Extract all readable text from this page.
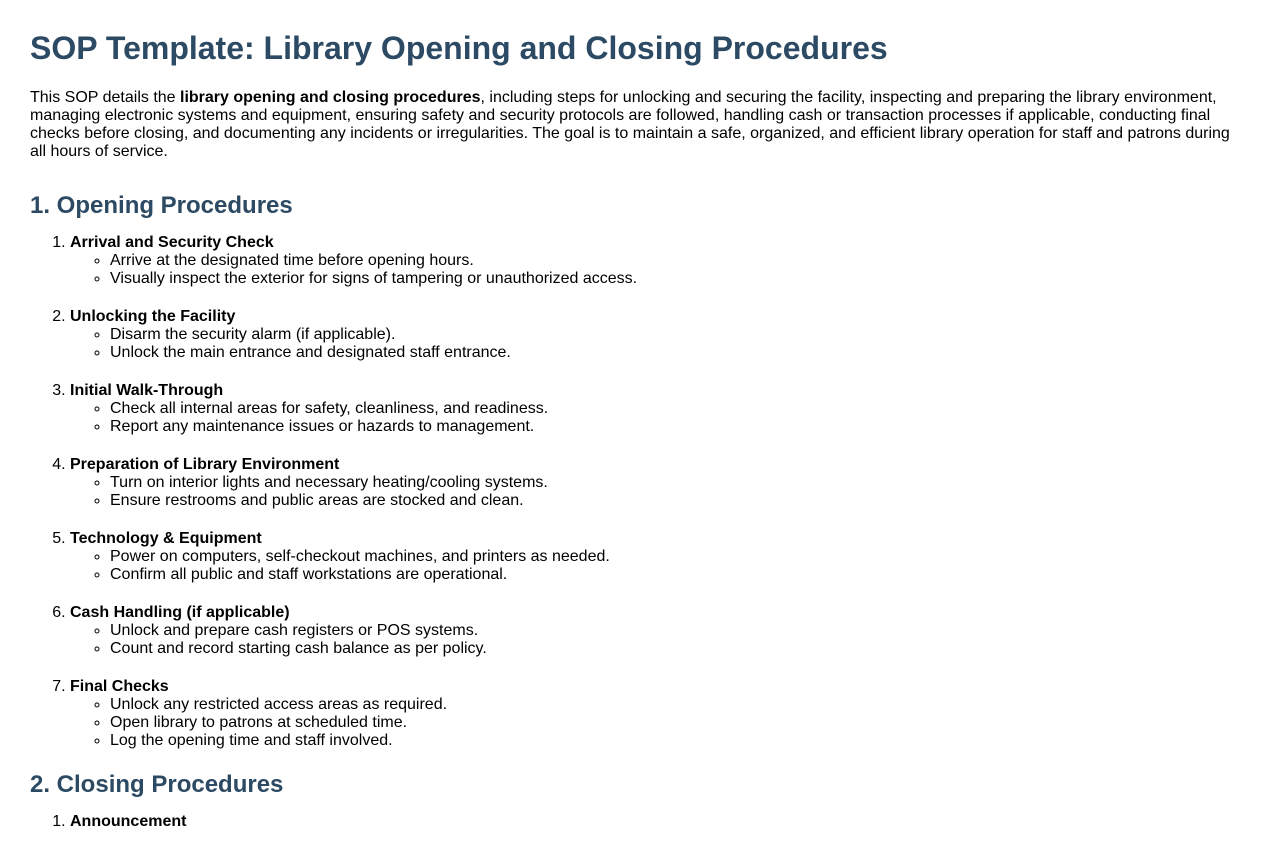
SOP Template: Library Opening and Closing Procedures

This SOP details the library opening and closing procedures, including steps for unlocking and securing the facility, inspecting and preparing the library environment, managing electronic systems and equipment, ensuring safety and security protocols are followed, handling cash or transaction processes if applicable, conducting final checks before closing, and documenting any incidents or irregularities. The goal is to maintain a safe, organized, and efficient library operation for staff and patrons during all hours of service.

1. Opening Procedures
1. Arrival and Security Check
◦ Arrive at the designated time before opening hours.
◦ Visually inspect the exterior for signs of tampering or unauthorized access.
2. Unlocking the Facility
◦ Disarm the security alarm (if applicable).
◦ Unlock the main entrance and designated staff entrance.
3. Initial Walk-Through
◦ Check all internal areas for safety, cleanliness, and readiness.
◦ Report any maintenance issues or hazards to management.
4. Preparation of Library Environment
◦ Turn on interior lights and necessary heating/cooling systems.
◦ Ensure restrooms and public areas are stocked and clean.
5. Technology & Equipment
◦ Power on computers, self-checkout machines, and printers as needed.
◦ Confirm all public and staff workstations are operational.
6. Cash Handling (if applicable)
◦ Unlock and prepare cash registers or POS systems.
◦ Count and record starting cash balance as per policy.
7. Final Checks
◦ Unlock any restricted access areas as required.
◦ Open library to patrons at scheduled time.
◦ Log the opening time and staff involved.
2. Closing Procedures
1. Announcement
